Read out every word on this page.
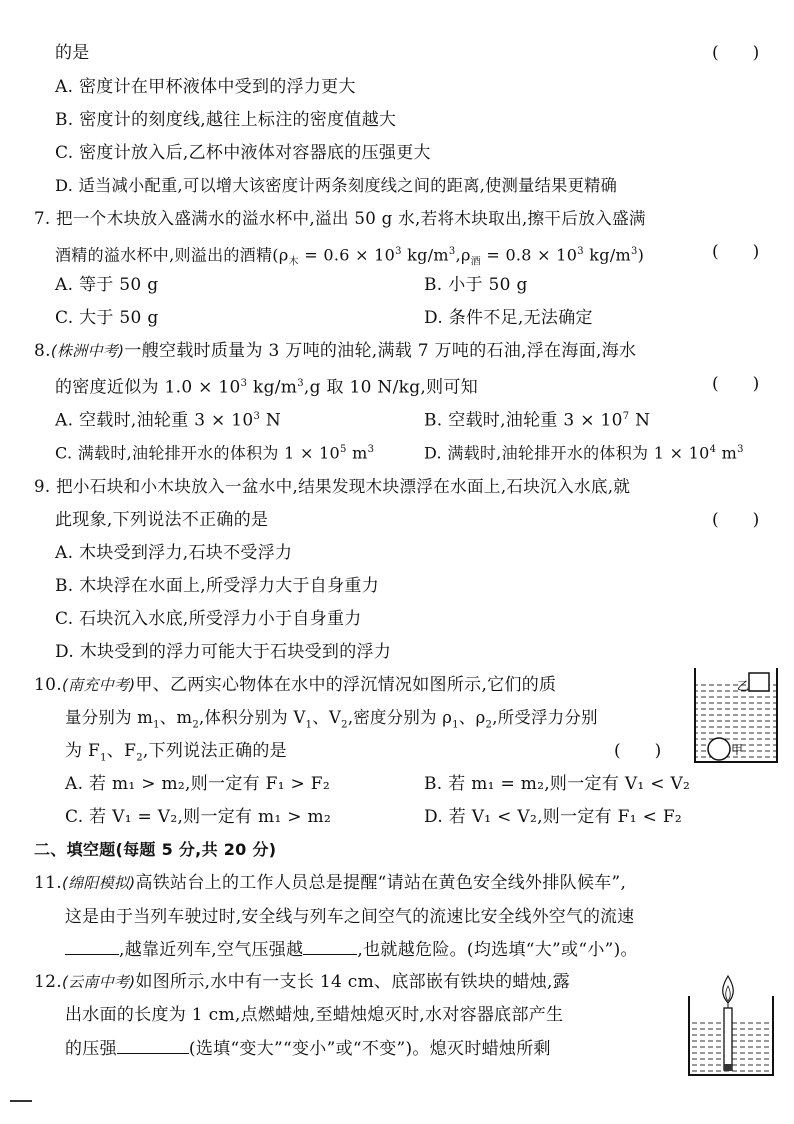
的是	(　　)
A. 密度计在甲杯液体中受到的浮力更大
B. 密度计的刻度线,越往上标注的密度值越大
C. 密度计放入后,乙杯中液体对容器底的压强更大
D. 适当减小配重,可以增大该密度计两条刻度线之间的距离,使测量结果更精确
7. 把一个木块放入盛满水的溢水杯中,溢出 50 g 水,若将木块取出,擦干后放入盛满
酒精的溢水杯中,则溢出的酒精($\rho_木 = 0.6 \times 10^3$ $kg/m^3,\rho_酒 = 0.8 \times 10^3$ $kg/m^3$)	(　　)
A. 等于 50 g	B. 小于 50 g
C. 大于 50 g	D. 条件不足,无法确定
8.(株洲中考)一艘空载时质量为 3 万吨的油轮,满载 7 万吨的石油,浮在海面,海水
的密度近似为 $1.0 \times 10^3$ $kg/m^3,g$ 取 10 N/kg,则可知	(　　)
A. 空载时,油轮重 $3 \times 10^3$ N	B. 空载时,油轮重 $3 \times 10^7$ N
C. 满载时,油轮排开水的体积为 $1 \times 10^5$ $m^3$	D. 满载时,油轮排开水的体积为 $1 \times 10^4$ $m^3$
9. 把小石块和小木块放入一盆水中,结果发现木块漂浮在水面上,石块沉入水底,就
此现象,下列说法不正确的是	(　　)
A. 木块受到浮力,石块不受浮力
B. 木块浮在水面上,所受浮力大于自身重力
C. 石块沉入水底,所受浮力小于自身重力
D. 木块受到的浮力可能大于石块受到的浮力
10.(南充中考)甲、乙两实心物体在水中的浮沉情况如图所示,它们的质
量分别为 $m_1$、$m_2$,体积分别为 $V_1$、$V_2$,密度分别为 $\rho_1$、$\rho_2$,所受浮力分别
为 $F_1$、$F_2$,下列说法正确的是	(　　)
A. 若 m₁ > m₂,则一定有 F₁ > F₂	B. 若 m₁ = m₂,则一定有 V₁ < V₂
C. 若 V₁ = V₂,则一定有 m₁ > m₂	D. 若 V₁ < V₂,则一定有 F₁ < F₂
乙
甲
二、填空题(每题 5 分,共 20 分)
11.(绵阳模拟)高铁站台上的工作人员总是提醒“请站在黄色安全线外排队候车”,
这是由于当列车驶过时,安全线与列车之间空气的流速比安全线外空气的流速
,越靠近列车,空气压强越	,也就越危险。(均选填“大”或“小”)。
12.(云南中考)如图所示,水中有一支长 14 cm、底部嵌有铁块的蜡烛,露
出水面的长度为 1 cm,点燃蜡烛,至蜡烛熄灭时,水对容器底部产生
的压强	(选填“变大”“变小”或“不变”)。熄灭时蜡烛所剩
